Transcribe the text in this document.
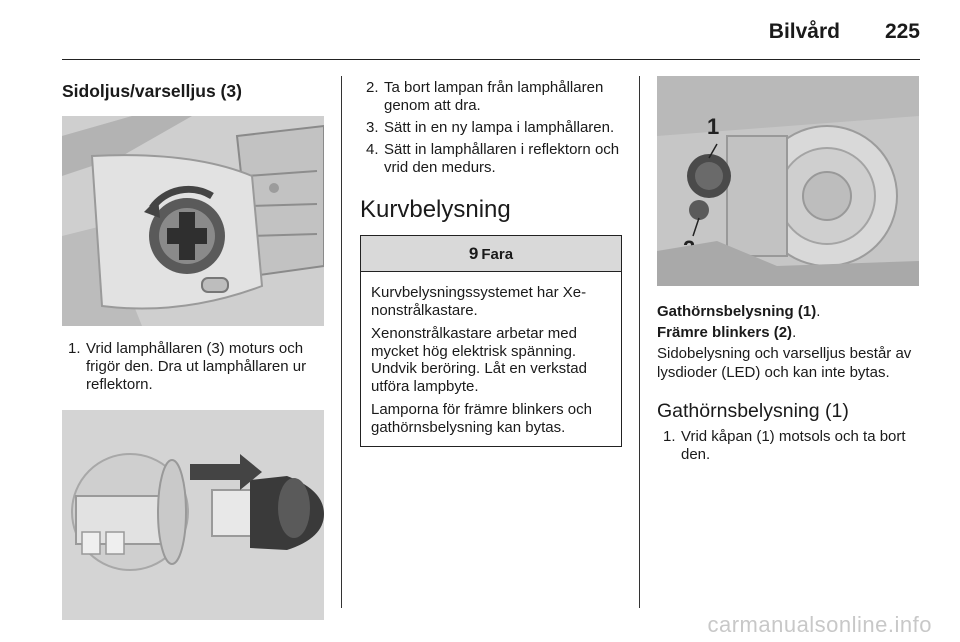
Bilvård 225
Sidoljus/varselljus (3)
1. Vrid lamphållaren (3) moturs och frigör den. Dra ut lamphållaren ur reflektorn.
2. Ta bort lampan från lamphållaren genom att dra.
3. Sätt in en ny lampa i lamphållaren.
4. Sätt in lamphållaren i reflektorn och vrid den medurs.
Kurvbelysning
9 Fara

Kurvbelysningssystemet har Xe-nonstrålkastare.

Xenonstrålkastare arbetar med mycket hög elektrisk spänning. Undvik beröring. Låt en verkstad utföra lampbyte.

Lamporna för främre blinkers och gathörnsbelysning kan bytas.

1
Gathörnsbelysning (1).
Främre blinkers (2).

Sidobelysning och varselljus består av lysdioder (LED) och kan inte bytas.

Gathörnsbelysning (1)
1. Vrid kåpan (1) motsols och ta bort den.
carmanualsonline.info
